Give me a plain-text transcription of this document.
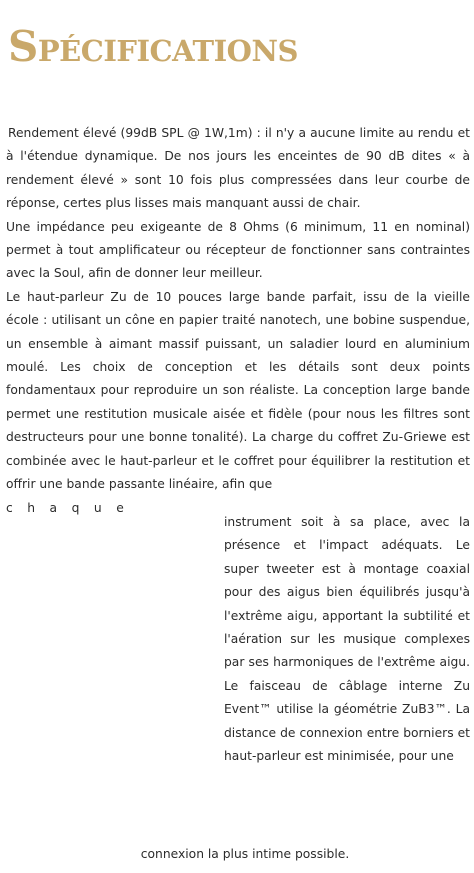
Spécifications

Rendement élevé (99dB SPL @ 1W,1m) : il n'y a aucune limite au rendu et à l'étendue dynamique. De nos jours les enceintes de 90 dB dites « à rendement élevé » sont 10 fois plus compressées dans leur courbe de réponse, certes plus lisses mais manquant aussi de chair.

Une impédance peu exigeante de 8 Ohms (6 minimum, 11 en nominal) permet à tout amplificateur ou récepteur de fonctionner sans contraintes avec la Soul, afin de donner leur meilleur.

Le haut-parleur Zu de 10 pouces large bande parfait, issu de la vieille école : utilisant un cône en papier traité nanotech, une bobine suspendue, un ensemble à aimant massif puissant, un saladier lourd en aluminium moulé. Les choix de conception et les détails sont deux points fondamentaux pour reproduire un son réaliste. La conception large bande permet une restitution musicale aisée et fidèle (pour nous les filtres sont destructeurs pour une bonne tonalité). La charge du coffret Zu-Griewe est combinée avec le haut-parleur et le coffret pour équilibrer la restitution et offrir une bande passante linéaire, afin que

chaque

instrument soit à sa place, avec la présence et l'impact adéquats. Le super tweeter est à montage coaxial pour des aigus bien équilibrés jusqu'à l'extrême aigu, apportant la subtilité et l'aération sur les musique complexes par ses harmoniques de l'extrême aigu. Le faisceau de câblage interne Zu Event™ utilise la géométrie ZuB3™. La distance de connexion entre borniers et haut-parleur est minimisée, pour une

connexion la plus intime possible.
